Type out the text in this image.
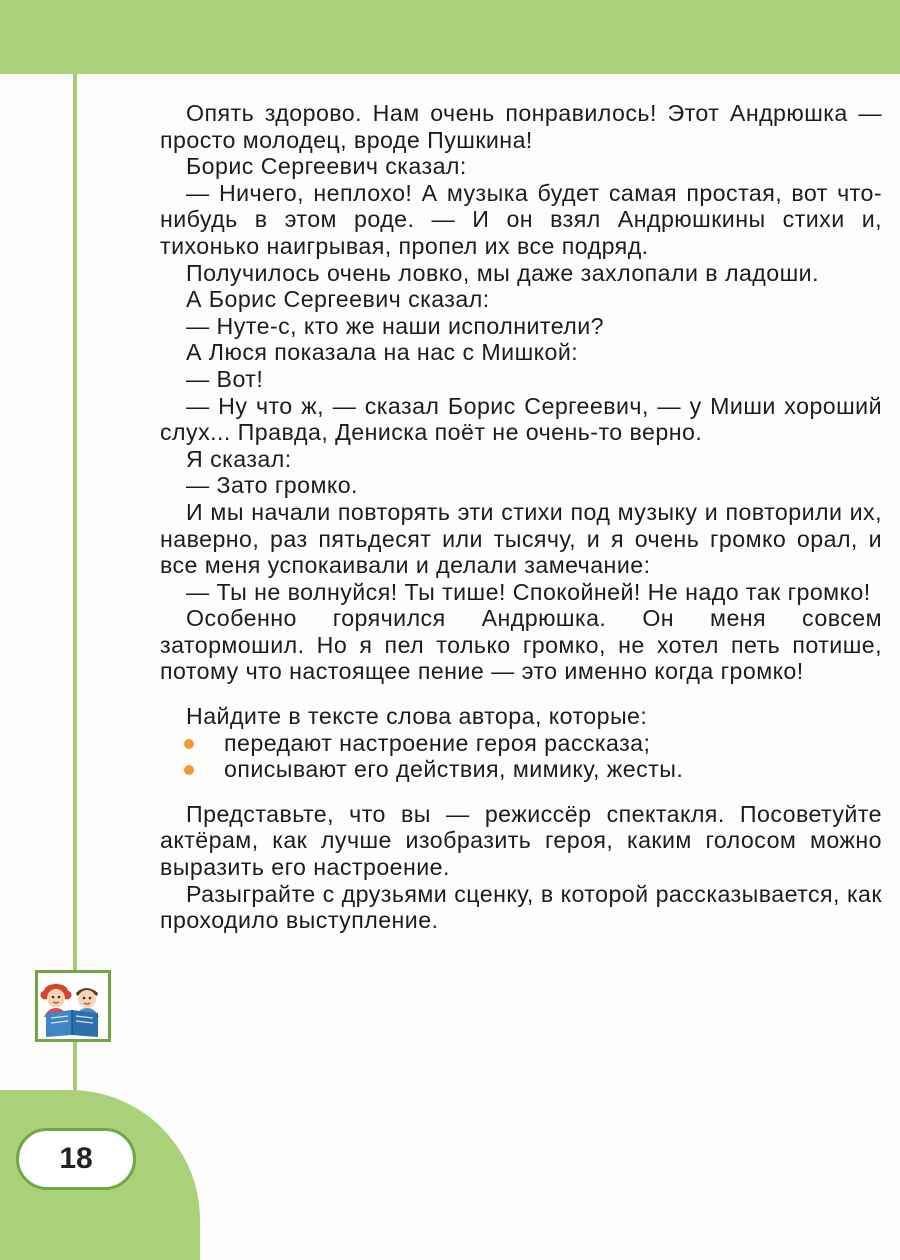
18

Опять здорово. Нам очень понравилось! Этот Андрюшка — просто молодец, вроде Пушкина!

Борис Сергеевич сказал:

— Ничего, неплохо! А музыка будет самая простая, вот что-нибудь в этом роде. — И он взял Андрюшкины стихи и, тихонько наигрывая, пропел их все подряд.

Получилось очень ловко, мы даже захлопали в ладоши.

А Борис Сергеевич сказал:

— Нуте-с, кто же наши исполнители?

А Люся показала на нас с Мишкой:

— Вот!

— Ну что ж, — сказал Борис Сергеевич, — у Миши хороший слух... Правда, Дениска поёт не очень-то верно.

Я сказал:

— Зато громко.

И мы начали повторять эти стихи под музыку и повторили их, наверно, раз пятьдесят или тысячу, и я очень громко орал, и все меня успокаивали и делали замечание:

— Ты не волнуйся! Ты тише! Спокойней! Не надо так громко!

Особенно горячился Андрюшка. Он меня совсем затормошил. Но я пел только громко, не хотел петь потише, потому что настоящее пение — это именно когда громко!

Найдите в тексте слова автора, которые:

передают настроение героя рассказа;
описывают его действия, мимику, жесты.

Представьте, что вы — режиссёр спектакля. Посоветуйте актёрам, как лучше изобразить героя, каким голосом можно выразить его настроение.

Разыграйте с друзьями сценку, в которой рассказывается, как проходило выступление.
